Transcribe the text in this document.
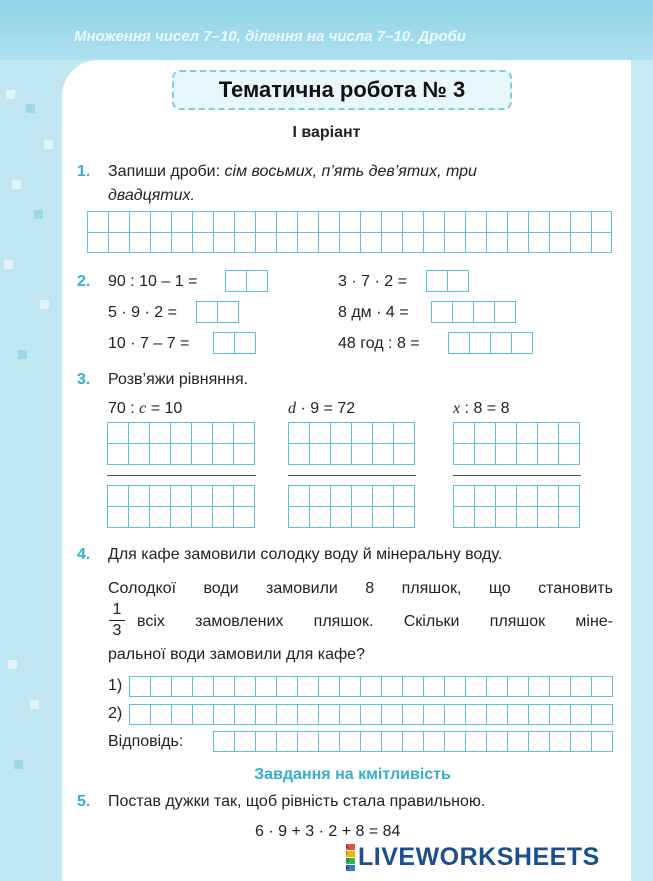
Множення чисел 7–10, ділення на числа 7–10. Дроби
Тематична робота № 3
I варіант
1. Запиши дроби: сім восьмих, п’ять дев’ятих, три
двадцятих.
2. 90 : 10 – 1 =
5 · 9 · 2 =
10 · 7 – 7 =
3 · 7 · 2 =
8 дм · 4 =
48 год : 8 =
3. Розв’яжи рівняння.
70 : c = 10	d · 9 = 72	x : 8 = 8
4. Для кафе замовили солодку воду й мінеральну воду.
Солодкої води замовили 8 пляшок, що становить
1
3
всіх замовлених пляшок. Скільки пляшок міне-
ральної води замовили для кафе?
1)
2)
Відповідь:
Завдання на кмітливість
5. Постав дужки так, щоб рівність стала правильною.
6 · 9 + 3 · 2 + 8 = 84
L
I
V
E LIVEWORKSHEETS
